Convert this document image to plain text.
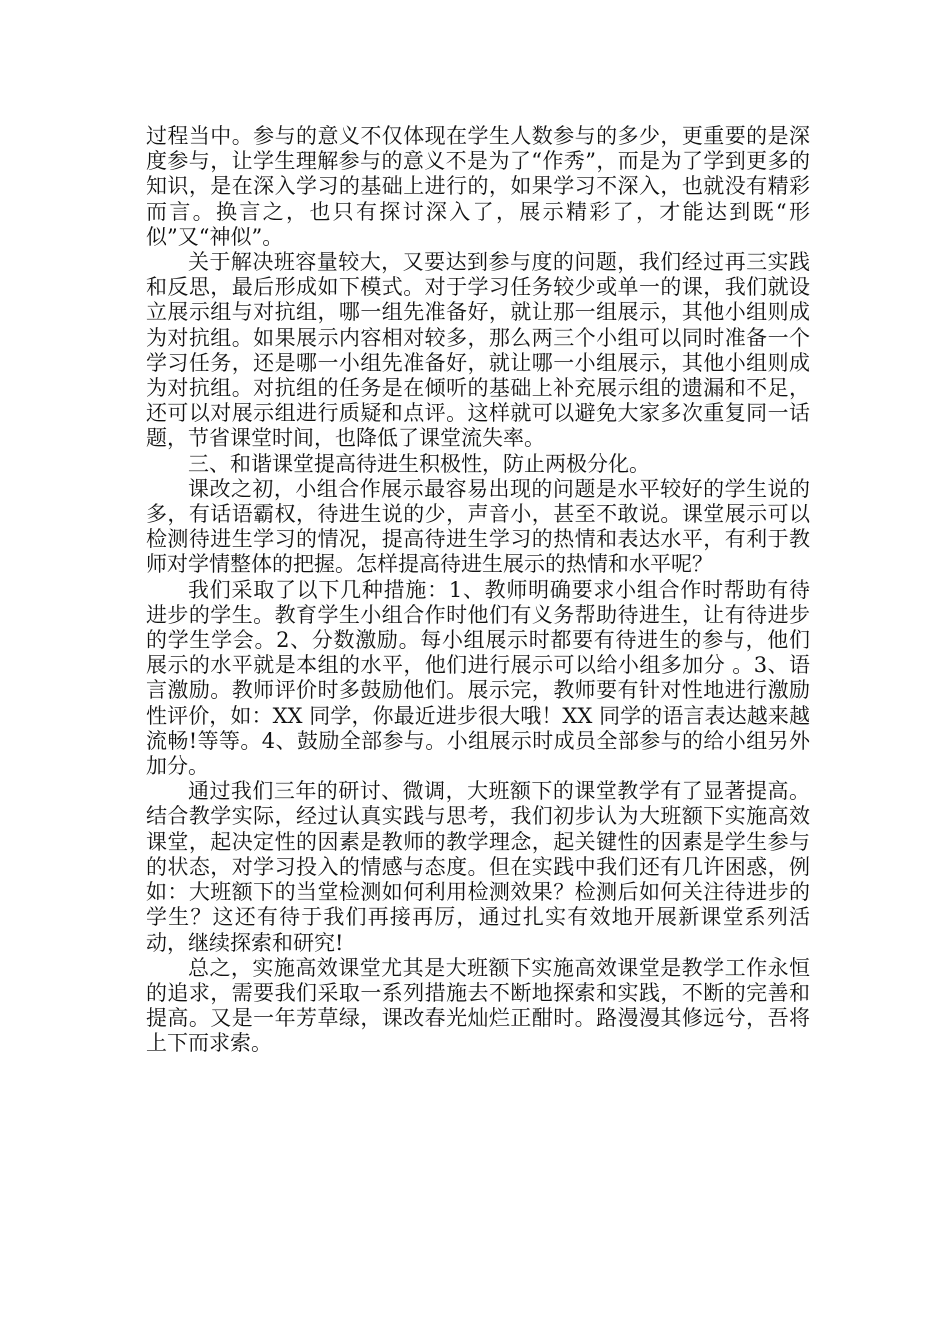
过程当中。参与的意义不仅体现在学生人数参与的多少，更重要的是深度参与，让学生理解参与的意义不是为了“作秀”，而是为了学到更多的知识，是在深入学习的基础上进行的，如果学习不深入，也就没有精彩而言。换言之，也只有探讨深入了，展示精彩了，才能达到既“形似”又“神似”。

关于解决班容量较大，又要达到参与度的问题，我们经过再三实践和反思，最后形成如下模式。对于学习任务较少或单一的课，我们就设立展示组与对抗组，哪一组先准备好，就让那一组展示，其他小组则成为对抗组。如果展示内容相对较多，那么两三个小组可以同时准备一个学习任务，还是哪一小组先准备好，就让哪一小组展示，其他小组则成为对抗组。对抗组的任务是在倾听的基础上补充展示组的遗漏和不足，还可以对展示组进行质疑和点评。这样就可以避免大家多次重复同一话题，节省课堂时间，也降低了课堂流失率。

三、和谐课堂提高待进生积极性，防止两极分化。

课改之初，小组合作展示最容易出现的问题是水平较好的学生说的多，有话语霸权，待进生说的少，声音小，甚至不敢说。课堂展示可以检测待进生学习的情况，提高待进生学习的热情和表达水平，有利于教师对学情整体的把握。怎样提高待进生展示的热情和水平呢？

我们采取了以下几种措施：1、教师明确要求小组合作时帮助有待进步的学生。教育学生小组合作时他们有义务帮助待进生，让有待进步的学生学会。2、分数激励。每小组展示时都要有待进生的参与，他们展示的水平就是本组的水平，他们进行展示可以给小组多加分 。3、语言激励。教师评价时多鼓励他们。展示完，教师要有针对性地进行激励性评价，如：XX 同学，你最近进步很大哦！XX 同学的语言表达越来越流畅!等等。4、鼓励全部参与。小组展示时成员全部参与的给小组另外加分。

通过我们三年的研讨、微调，大班额下的课堂教学有了显著提高。结合教学实际，经过认真实践与思考，我们初步认为大班额下实施高效课堂，起决定性的因素是教师的教学理念，起关键性的因素是学生参与的状态，对学习投入的情感与态度。但在实践中我们还有几许困惑，例如：大班额下的当堂检测如何利用检测效果？检测后如何关注待进步的学生？这还有待于我们再接再厉，通过扎实有效地开展新课堂系列活动，继续探索和研究!

总之，实施高效课堂尤其是大班额下实施高效课堂是教学工作永恒的追求，需要我们采取一系列措施去不断地探索和实践，不断的完善和提高。又是一年芳草绿，课改春光灿烂正酣时。路漫漫其修远兮，吾将上下而求索。
